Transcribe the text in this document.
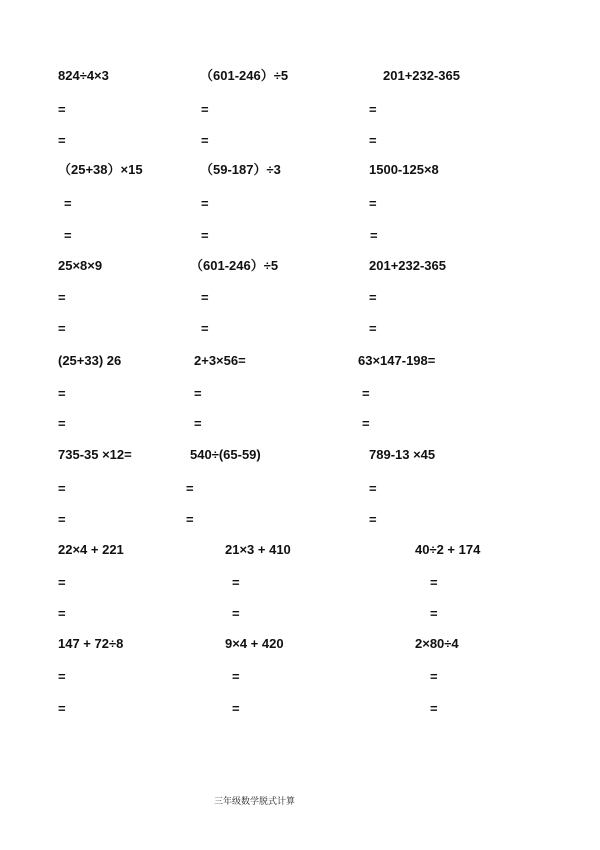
824÷4×3
=
=
（601-246）÷5
=
=
201+232-365
=
=
（25+38）×15
=
=
（59-187）÷3
=
=
1500-125×8
=
=
25×8×9
=
=
（601-246）÷5
=
=
201+232-365
=
=
(25+33) 26
=
=
2+3×56=
=
=
63×147-198=
=
=
735-35 ×12=
=
=
540÷(65-59)
=
=
789-13 ×45
=
=
22×4 + 221
=
=
21×3 + 410
=
=
40÷2 + 174
=
=
147 + 72÷8
=
=
9×4 + 420
=
=
2×80÷4
=
=
三年级数学脱式计算
